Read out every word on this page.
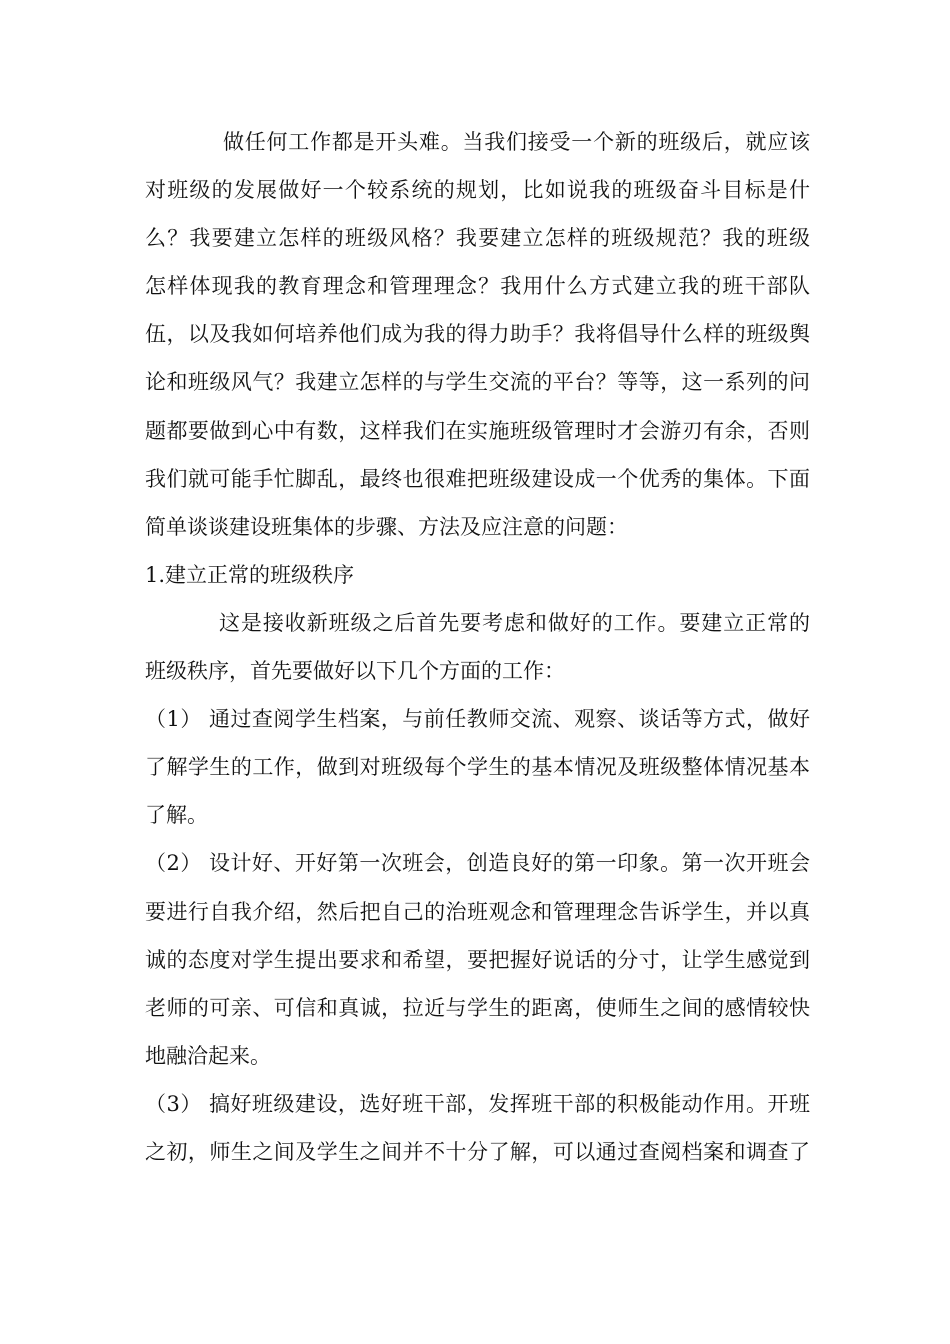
做任何工作都是开头难。当我们接受一个新的班级后，就应该

对班级的发展做好一个较系统的规划，比如说我的班级奋斗目标是什

么？我要建立怎样的班级风格？我要建立怎样的班级规范？我的班级

怎样体现我的教育理念和管理理念？我用什么方式建立我的班干部队

伍，以及我如何培养他们成为我的得力助手？我将倡导什么样的班级舆

论和班级风气？我建立怎样的与学生交流的平台？等等，这一系列的问

题都要做到心中有数，这样我们在实施班级管理时才会游刃有余，否则

我们就可能手忙脚乱，最终也很难把班级建设成一个优秀的集体。下面

简单谈谈建设班集体的步骤、方法及应注意的问题：

1.建立正常的班级秩序

这是接收新班级之后首先要考虑和做好的工作。要建立正常的

班级秩序，首先要做好以下几个方面的工作：

（1） 通过查阅学生档案，与前任教师交流、观察、谈话等方式，做好

了解学生的工作，做到对班级每个学生的基本情况及班级整体情况基本

了解。

（2） 设计好、开好第一次班会，创造良好的第一印象。第一次开班会

要进行自我介绍，然后把自己的治班观念和管理理念告诉学生，并以真

诚的态度对学生提出要求和希望，要把握好说话的分寸，让学生感觉到

老师的可亲、可信和真诚，拉近与学生的距离，使师生之间的感情较快

地融洽起来。

（3） 搞好班级建设，选好班干部，发挥班干部的积极能动作用。开班

之初，师生之间及学生之间并不十分了解，可以通过查阅档案和调查了
